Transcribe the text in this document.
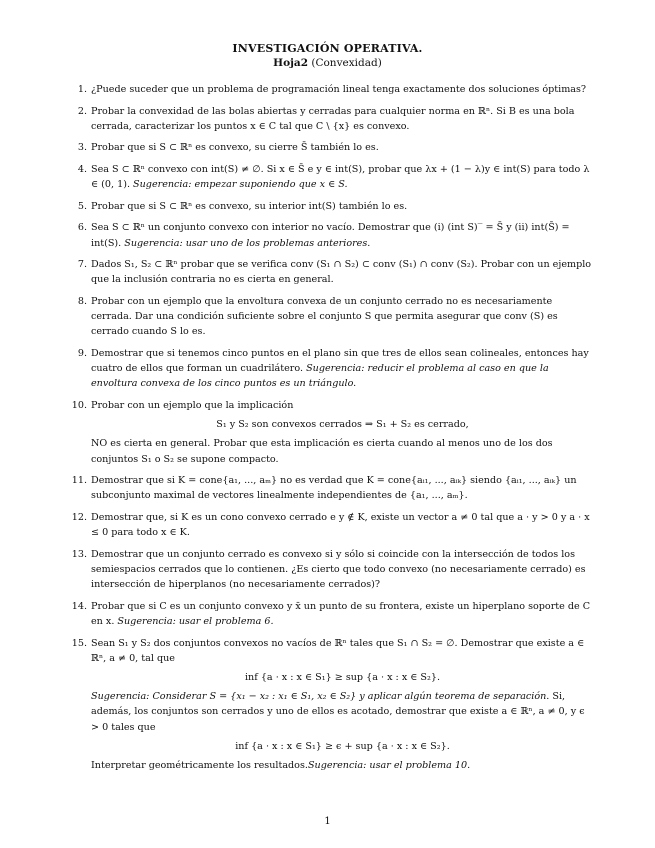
INVESTIGACIÓN OPERATIVA.
Hoja2 (Convexidad)
1. ¿Puede suceder que un problema de programación lineal tenga exactamente dos soluciones óptimas?
2. Probar la convexidad de las bolas abiertas y cerradas para cualquier norma en ℝⁿ. Si B es una bola cerrada, caracterizar los puntos x ∈ C tal que C \ {x} es convexo.
3. Probar que si S ⊂ ℝⁿ es convexo, su cierre S̄ también lo es.
4. Sea S ⊂ ℝⁿ convexo con int(S) ≠ ∅. Si x ∈ S̄ e y ∈ int(S), probar que λx + (1 − λ)y ∈ int(S) para todo λ ∈ (0, 1). Sugerencia: empezar suponiendo que x ∈ S.
5. Probar que si S ⊂ ℝⁿ es convexo, su interior int(S) también lo es.
6. Sea S ⊂ ℝⁿ un conjunto convexo con interior no vacío. Demostrar que (i) (int S)‾ = S̄ y (ii) int(S̄) = int(S). Sugerencia: usar uno de los problemas anteriores.
7. Dados S₁, S₂ ⊂ ℝⁿ probar que se verifica conv (S₁ ∩ S₂) ⊂ conv (S₁) ∩ conv (S₂). Probar con un ejemplo que la inclusión contraria no es cierta en general.
8. Probar con un ejemplo que la envoltura convexa de un conjunto cerrado no es necesariamente cerrada. Dar una condición suficiente sobre el conjunto S que permita asegurar que conv (S) es cerrado cuando S lo es.
9. Demostrar que si tenemos cinco puntos en el plano sin que tres de ellos sean colineales, entonces hay cuatro de ellos que forman un cuadrilátero. Sugerencia: reducir el problema al caso en que la envoltura convexa de los cinco puntos es un triángulo.
10. Probar con un ejemplo que la implicación
S₁ y S₂ son convexos cerrados ⇒ S₁ + S₂ es cerrado,
NO es cierta en general. Probar que esta implicación es cierta cuando al menos uno de los dos conjuntos S₁ o S₂ se supone compacto.
11. Demostrar que si K = cone{a₁, ..., aₘ} no es verdad que K = cone{aᵢ₁, ..., aᵢₖ} siendo {aᵢ₁, ..., aᵢₖ} un subconjunto maximal de vectores linealmente independientes de {a₁, ..., aₘ}.
12. Demostrar que, si K es un cono convexo cerrado e y ∉ K, existe un vector a ≠ 0 tal que a · y > 0 y a · x ≤ 0 para todo x ∈ K.
13. Demostrar que un conjunto cerrado es convexo si y sólo si coincide con la intersección de todos los semiespacios cerrados que lo contienen. ¿Es cierto que todo convexo (no necesariamente cerrado) es intersección de hiperplanos (no necesariamente cerrados)?
14. Probar que si C es un conjunto convexo y x̄ un punto de su frontera, existe un hiperplano soporte de C en x. Sugerencia: usar el problema 6.
15. Sean S₁ y S₂ dos conjuntos convexos no vacíos de ℝⁿ tales que S₁ ∩ S₂ = ∅. Demostrar que existe a ∈ ℝⁿ, a ≠ 0, tal que
inf {a · x : x ∈ S₁} ≥ sup {a · x : x ∈ S₂}.
Sugerencia: Considerar S = {x₁ − x₂ : x₁ ∈ S₁, x₂ ∈ S₂} y aplicar algún teorema de separación. Si, además, los conjuntos son cerrados y uno de ellos es acotado, demostrar que existe a ∈ ℝⁿ, a ≠ 0, y ϵ > 0 tales que
inf {a · x : x ∈ S₁} ≥ ϵ + sup {a · x : x ∈ S₂}.
Interpretar geométricamente los resultados.Sugerencia: usar el problema 10.
1
